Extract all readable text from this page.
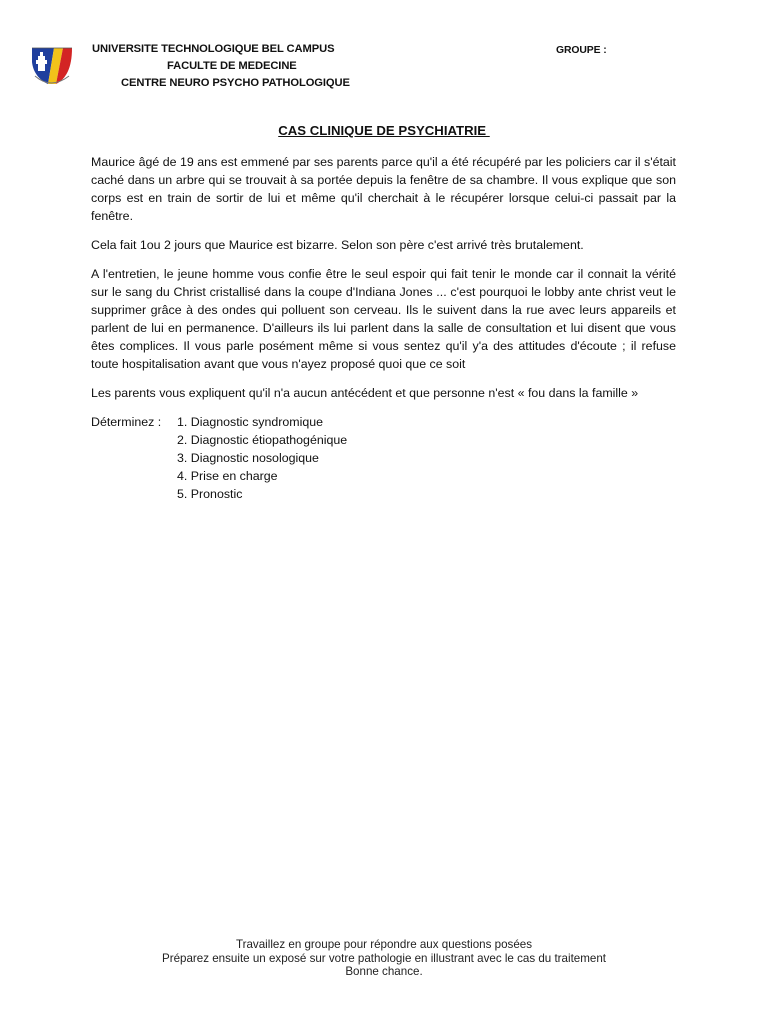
UNIVERSITE TECHNOLOGIQUE BEL CAMPUS
FACULTE DE MEDECINE
CENTRE NEURO PSYCHO PATHOLOGIQUE
GROUPE :
CAS CLINIQUE DE PSYCHIATRIE

Maurice âgé de 19 ans est emmené par ses parents parce qu'il a été récupéré par les policiers car il s'était caché dans un arbre qui se trouvait à sa portée depuis la fenêtre de sa chambre. Il vous explique que son corps est en train de sortir de lui et même qu'il cherchait à le récupérer lorsque celui-ci passait par la fenêtre.

Cela fait 1ou 2 jours que Maurice est bizarre. Selon son père c'est arrivé très brutalement.

A l'entretien, le jeune homme vous confie être le seul espoir qui fait tenir le monde car il connait la vérité sur le sang du Christ cristallisé dans la coupe d'Indiana Jones ... c'est pourquoi le lobby ante christ veut le supprimer grâce à des ondes qui polluent son cerveau. Ils le suivent dans la rue avec leurs appareils et parlent de lui en permanence. D'ailleurs ils lui parlent dans la salle de consultation et lui disent que vous êtes complices. Il vous parle posément même si vous sentez qu'il y'a des attitudes d'écoute ; il refuse toute hospitalisation avant que vous n'ayez proposé quoi que ce soit

Les parents vous expliquent qu'il n'a aucun antécédent et que personne n'est « fou dans la famille »

Déterminez :	1. Diagnostic syndromique
2. Diagnostic étiopathogénique
3. Diagnostic nosologique
4. Prise en charge
5. Pronostic
Travaillez en groupe pour répondre aux questions posées
Préparez ensuite un exposé sur votre pathologie en illustrant avec le cas du traitement
Bonne chance.
